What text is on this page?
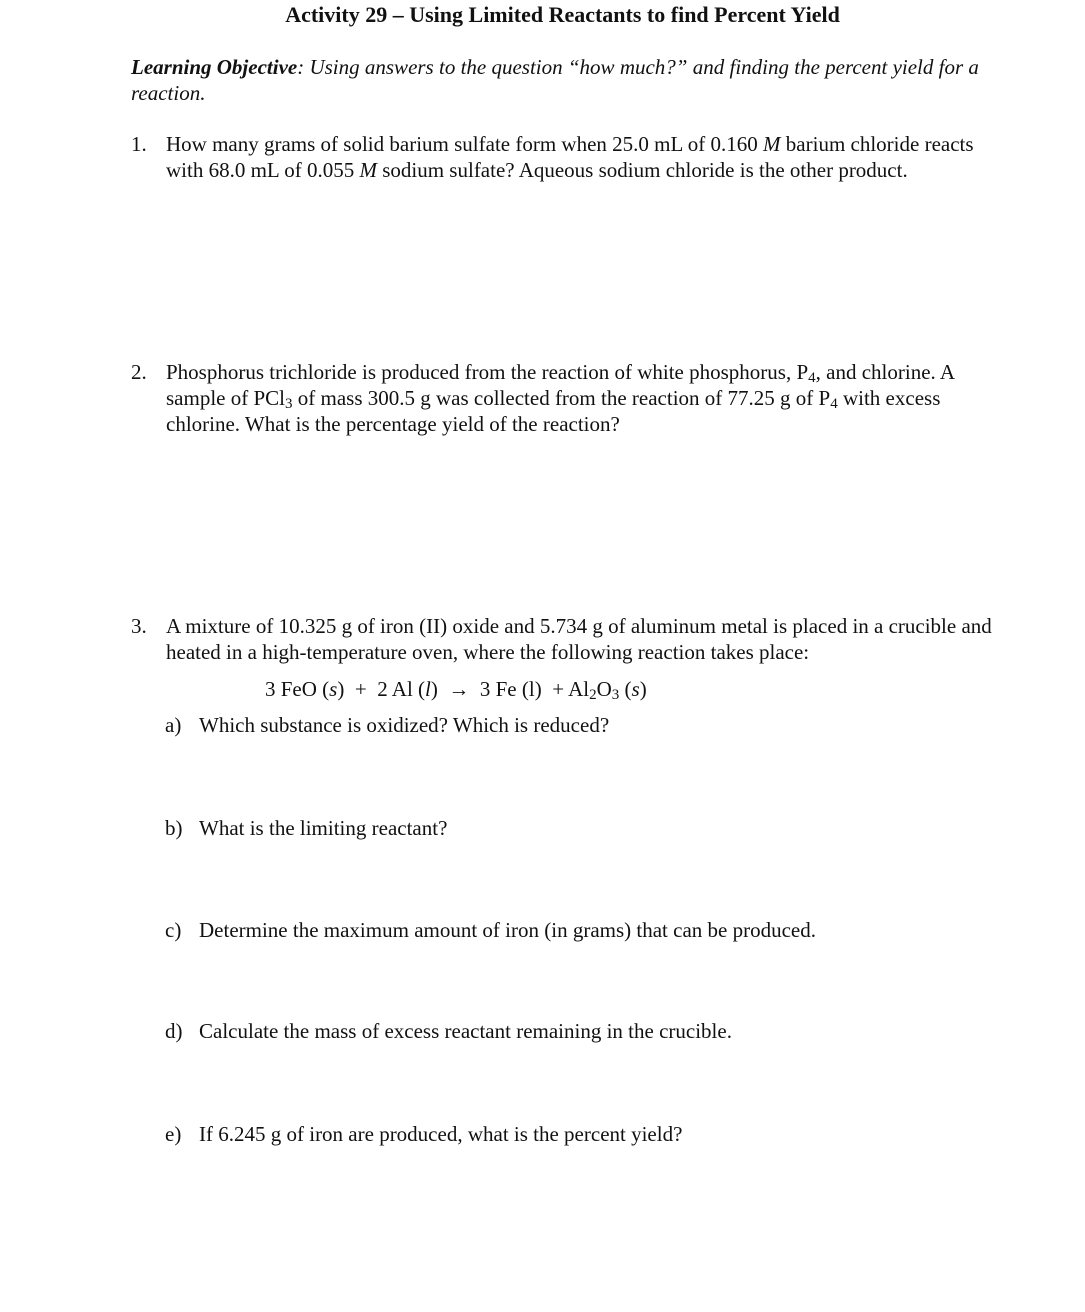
Activity 29 – Using Limited Reactants to find Percent Yield
Learning Objective: Using answers to the question “how much?” and finding the percent yield for a reaction.
1. How many grams of solid barium sulfate form when 25.0 mL of 0.160 M barium chloride reacts with 68.0 mL of 0.055 M sodium sulfate? Aqueous sodium chloride is the other product.
2. Phosphorus trichloride is produced from the reaction of white phosphorus, $P_4$, and chlorine. A sample of PCl$_3$ of mass 300.5 g was collected from the reaction of 77.25 g of $P_4$ with excess chlorine. What is the percentage yield of the reaction?
3. A mixture of 10.325 g of iron (II) oxide and 5.734 g of aluminum metal is placed in a crucible and heated in a high-temperature oven, where the following reaction takes place:
3 FeO (s)  +  2 Al (l)  →  3 Fe $(l) + Al_2O_3$ (s)
a) Which substance is oxidized? Which is reduced?
b) What is the limiting reactant?
c) Determine the maximum amount of iron (in grams) that can be produced.
d) Calculate the mass of excess reactant remaining in the crucible.
e) If 6.245 g of iron are produced, what is the percent yield?
